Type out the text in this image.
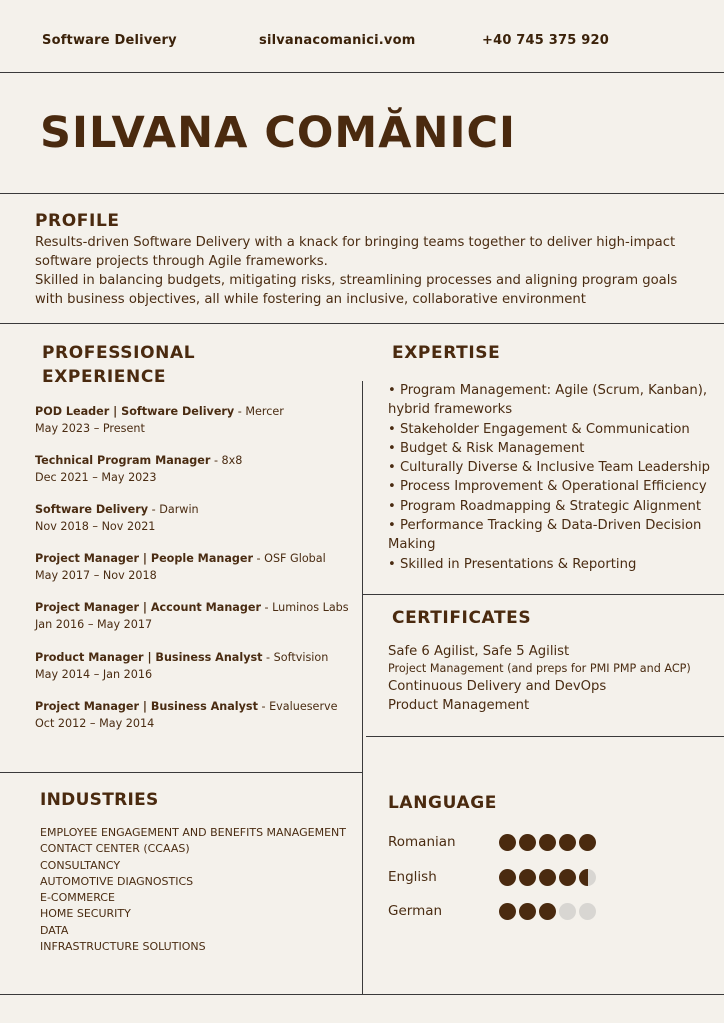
Software Delivery	silvanacomanici.vom	+40 745 375 920
SILVANA COMĂNICI
PROFILE
Results-driven Software Delivery with a knack for bringing teams together to deliver high-impact software projects through Agile frameworks.
Skilled in balancing budgets, mitigating risks, streamlining processes and aligning program goals with business objectives, all while fostering an inclusive, collaborative environment
PROFESSIONAL
EXPERIENCE
POD Leader | Software Delivery - Mercer
May 2023 – Present
Technical Program Manager - 8x8
Dec 2021 – May 2023
Software Delivery - Darwin
Nov 2018 – Nov 2021
Project Manager | People Manager - OSF Global
May 2017 – Nov 2018
Project Manager | Account Manager - Luminos Labs
Jan 2016 – May 2017
Product Manager | Business Analyst - Softvision
May 2014 – Jan 2016
Project Manager | Business Analyst - Evalueserve
Oct 2012 – May 2014
EXPERTISE
• Program Management: Agile (Scrum, Kanban), hybrid frameworks
• Stakeholder Engagement & Communication
• Budget & Risk Management
• Culturally Diverse & Inclusive Team Leadership
• Process Improvement & Operational Efficiency
• Program Roadmapping & Strategic Alignment
• Performance Tracking & Data-Driven Decision Making
• Skilled in Presentations & Reporting
CERTIFICATES
Safe 6 Agilist, Safe 5 Agilist
Project Management (and preps for PMI PMP and ACP)
Continuous Delivery and DevOps
Product Management
INDUSTRIES
EMPLOYEE ENGAGEMENT AND BENEFITS MANAGEMENT
CONTACT CENTER (CCAAS)
CONSULTANCY
AUTOMOTIVE DIAGNOSTICS
E-COMMERCE
HOME SECURITY
DATA
INFRASTRUCTURE SOLUTIONS
LANGUAGE
Romanian
English
German
